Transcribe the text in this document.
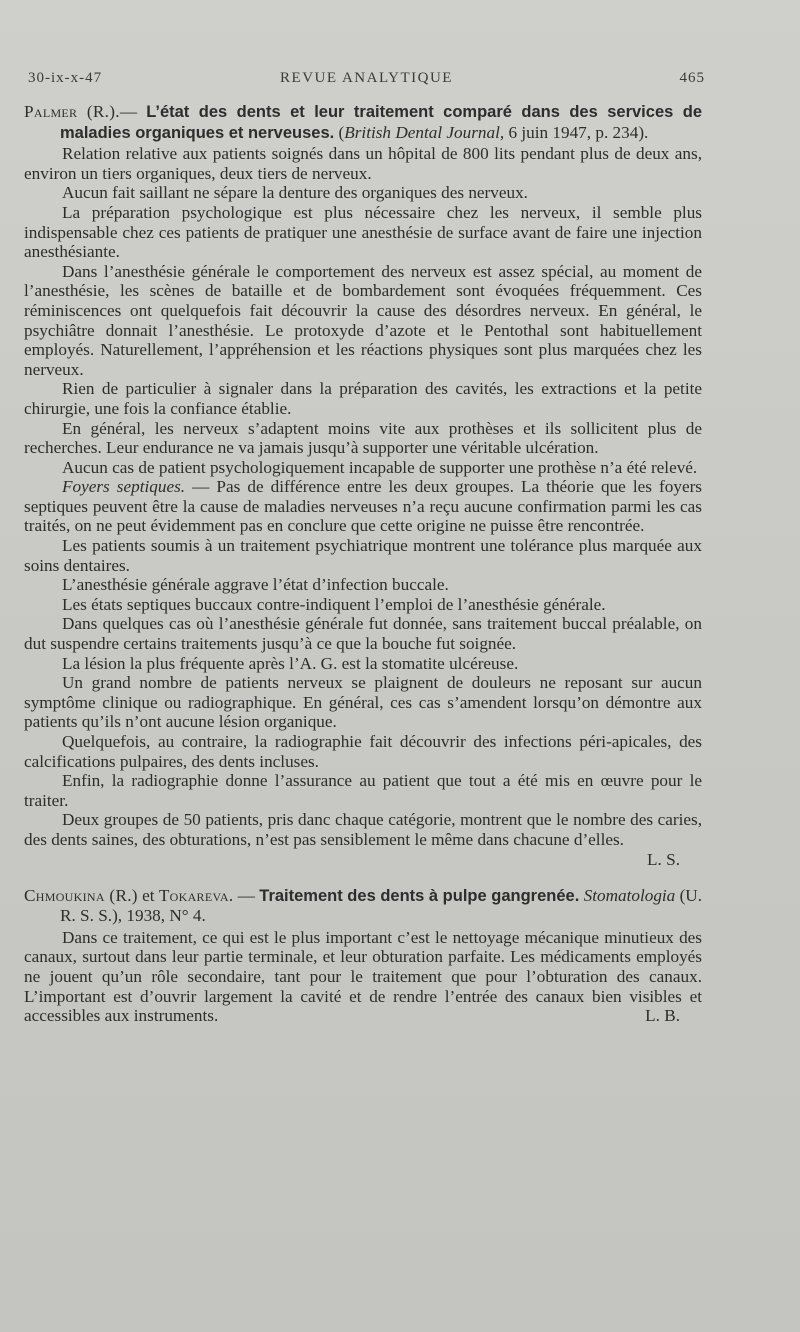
30-ix-x-47	REVUE ANALYTIQUE	465

Palmer (R.).— L’état des dents et leur traitement comparé dans des services de maladies organiques et nerveuses. (British Dental Journal, 6 juin 1947, p. 234).

Relation relative aux patients soignés dans un hôpital de 800 lits pendant plus de deux ans, environ un tiers organiques, deux tiers de nerveux.

Aucun fait saillant ne sépare la denture des organiques des nerveux.

La préparation psychologique est plus nécessaire chez les nerveux, il semble plus indispensable chez ces patients de pratiquer une anesthésie de surface avant de faire une injection anesthésiante.

Dans l’anesthésie générale le comportement des nerveux est assez spécial, au moment de l’anesthésie, les scènes de bataille et de bombardement sont évoquées fréquemment. Ces réminiscences ont quelquefois fait découvrir la cause des désordres nerveux. En général, le psychiâtre donnait l’anesthésie. Le protoxyde d’azote et le Pentothal sont habituellement employés. Naturellement, l’appréhension et les réactions physiques sont plus marquées chez les nerveux.

Rien de particulier à signaler dans la préparation des cavités, les extractions et la petite chirurgie, une fois la confiance établie.

En général, les nerveux s’adaptent moins vite aux prothèses et ils sollicitent plus de recherches. Leur endurance ne va jamais jusqu’à supporter une véritable ulcération.

Aucun cas de patient psychologiquement incapable de supporter une prothèse n’a été relevé.

Foyers septiques. — Pas de différence entre les deux groupes. La théorie que les foyers septiques peuvent être la cause de maladies nerveuses n’a reçu aucune confirmation parmi les cas traités, on ne peut évidemment pas en conclure que cette origine ne puisse être rencontrée.

Les patients soumis à un traitement psychiatrique montrent une tolérance plus marquée aux soins dentaires.

L’anesthésie générale aggrave l’état d’infection buccale.

Les états septiques buccaux contre-indiquent l’emploi de l’anesthésie générale.

Dans quelques cas où l’anesthésie générale fut donnée, sans traitement buccal préalable, on dut suspendre certains traitements jusqu’à ce que la bouche fut soignée.

La lésion la plus fréquente après l’A. G. est la stomatite ulcéreuse.

Un grand nombre de patients nerveux se plaignent de douleurs ne reposant sur aucun symptôme clinique ou radiographique. En général, ces cas s’amendent lorsqu’on démontre aux patients qu’ils n’ont aucune lésion organique.

Quelquefois, au contraire, la radiographie fait découvrir des infections péri-apicales, des calcifications pulpaires, des dents incluses.

Enfin, la radiographie donne l’assurance au patient que tout a été mis en œuvre pour le traiter.

Deux groupes de 50 patients, pris danc chaque catégorie, montrent que le nombre des caries, des dents saines, des obturations, n’est pas sensiblement le même dans chacune d’elles.
L. S.

Chmoukina (R.) et Tokareva. — Traitement des dents à pulpe gangrenée. Stomatologia (U. R. S. S.), 1938, N° 4.

Dans ce traitement, ce qui est le plus important c’est le nettoyage mécanique minutieux des canaux, surtout dans leur partie terminale, et leur obturation parfaite. Les médicaments employés ne jouent qu’un rôle secondaire, tant pour le traitement que pour l’obturation des canaux. L’important est d’ouvrir largement la cavité et de rendre l’entrée des canaux bien visibles et accessibles aux instruments.	L. B.
